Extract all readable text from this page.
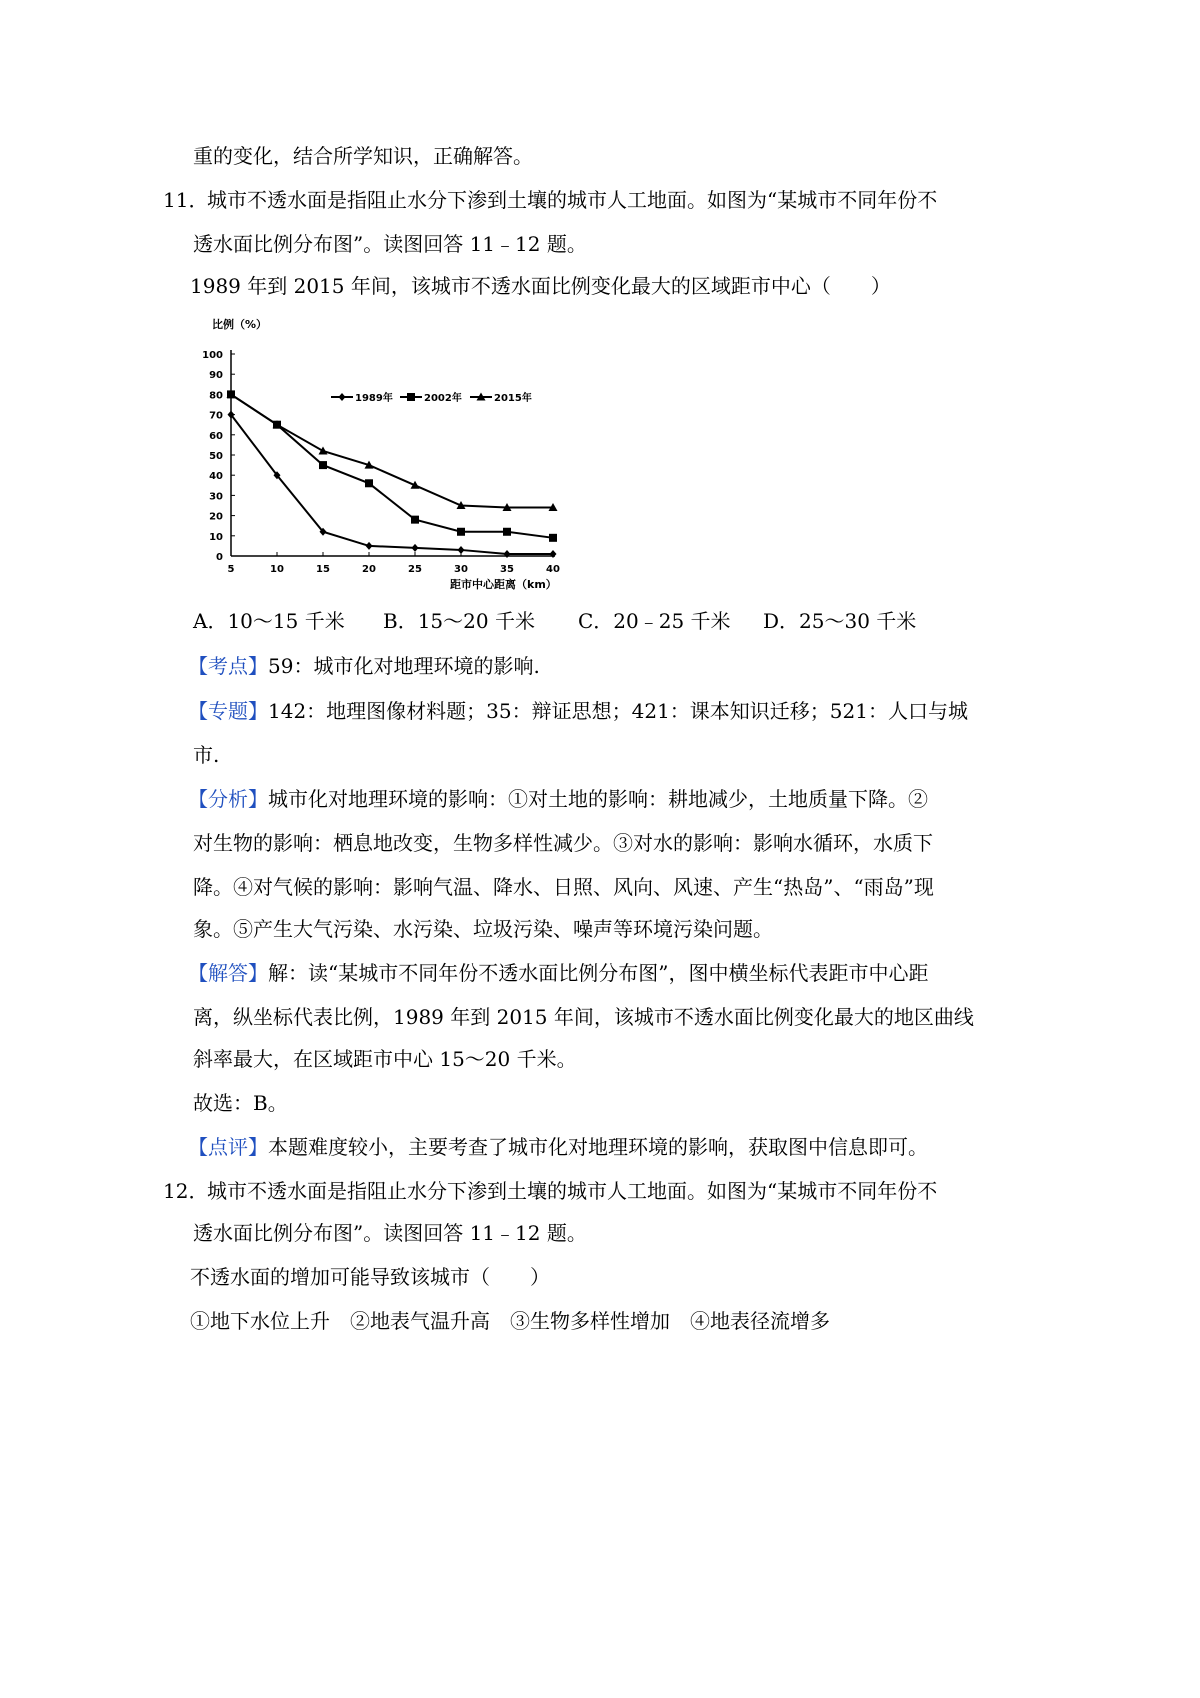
重的变化，结合所学知识，正确解答。
11．
城市不透水面是指阻止水分下渗到土壤的城市人工地面。如图为“某城市不同年份不
透水面比例分布图”。读图回答 11﹣12 题。
1989 年到 2015 年间，该城市不透水面比例变化最大的区域距市中心（　　）
0
10
20
30
40
50
60
70
80
90
100
5	10	15	20	25	30	35	40
1989年	2002年	2015年
比例（%）
距市中心距离（km）
A．10～15 千米 B．15～20 千米 C．20﹣25 千米 D．25～30 千米
【考点】59：城市化对地理环境的影响.
【专题】142：地理图像材料题；35：辩证思想；421：课本知识迁移；521：人口与城
市.
【分析】城市化对地理环境的影响：①对土地的影响：耕地减少，土地质量下降。②
对生物的影响：栖息地改变，生物多样性减少。③对水的影响：影响水循环，水质下
降。④对气候的影响：影响气温、降水、日照、风向、风速、产生“热岛”、“雨岛”现
象。⑤产生大气污染、水污染、垃圾污染、噪声等环境污染问题。
【解答】解：读“某城市不同年份不透水面比例分布图”，图中横坐标代表距市中心距
离，纵坐标代表比例，1989 年到 2015 年间，该城市不透水面比例变化最大的地区曲线
斜率最大，在区域距市中心 15～20 千米。
故选：B。
【点评】本题难度较小，主要考查了城市化对地理环境的影响，获取图中信息即可。
12．
城市不透水面是指阻止水分下渗到土壤的城市人工地面。如图为“某城市不同年份不
透水面比例分布图”。读图回答 11﹣12 题。
不透水面的增加可能导致该城市（　　）
①地下水位上升　②地表气温升高　③生物多样性增加　④地表径流增多
